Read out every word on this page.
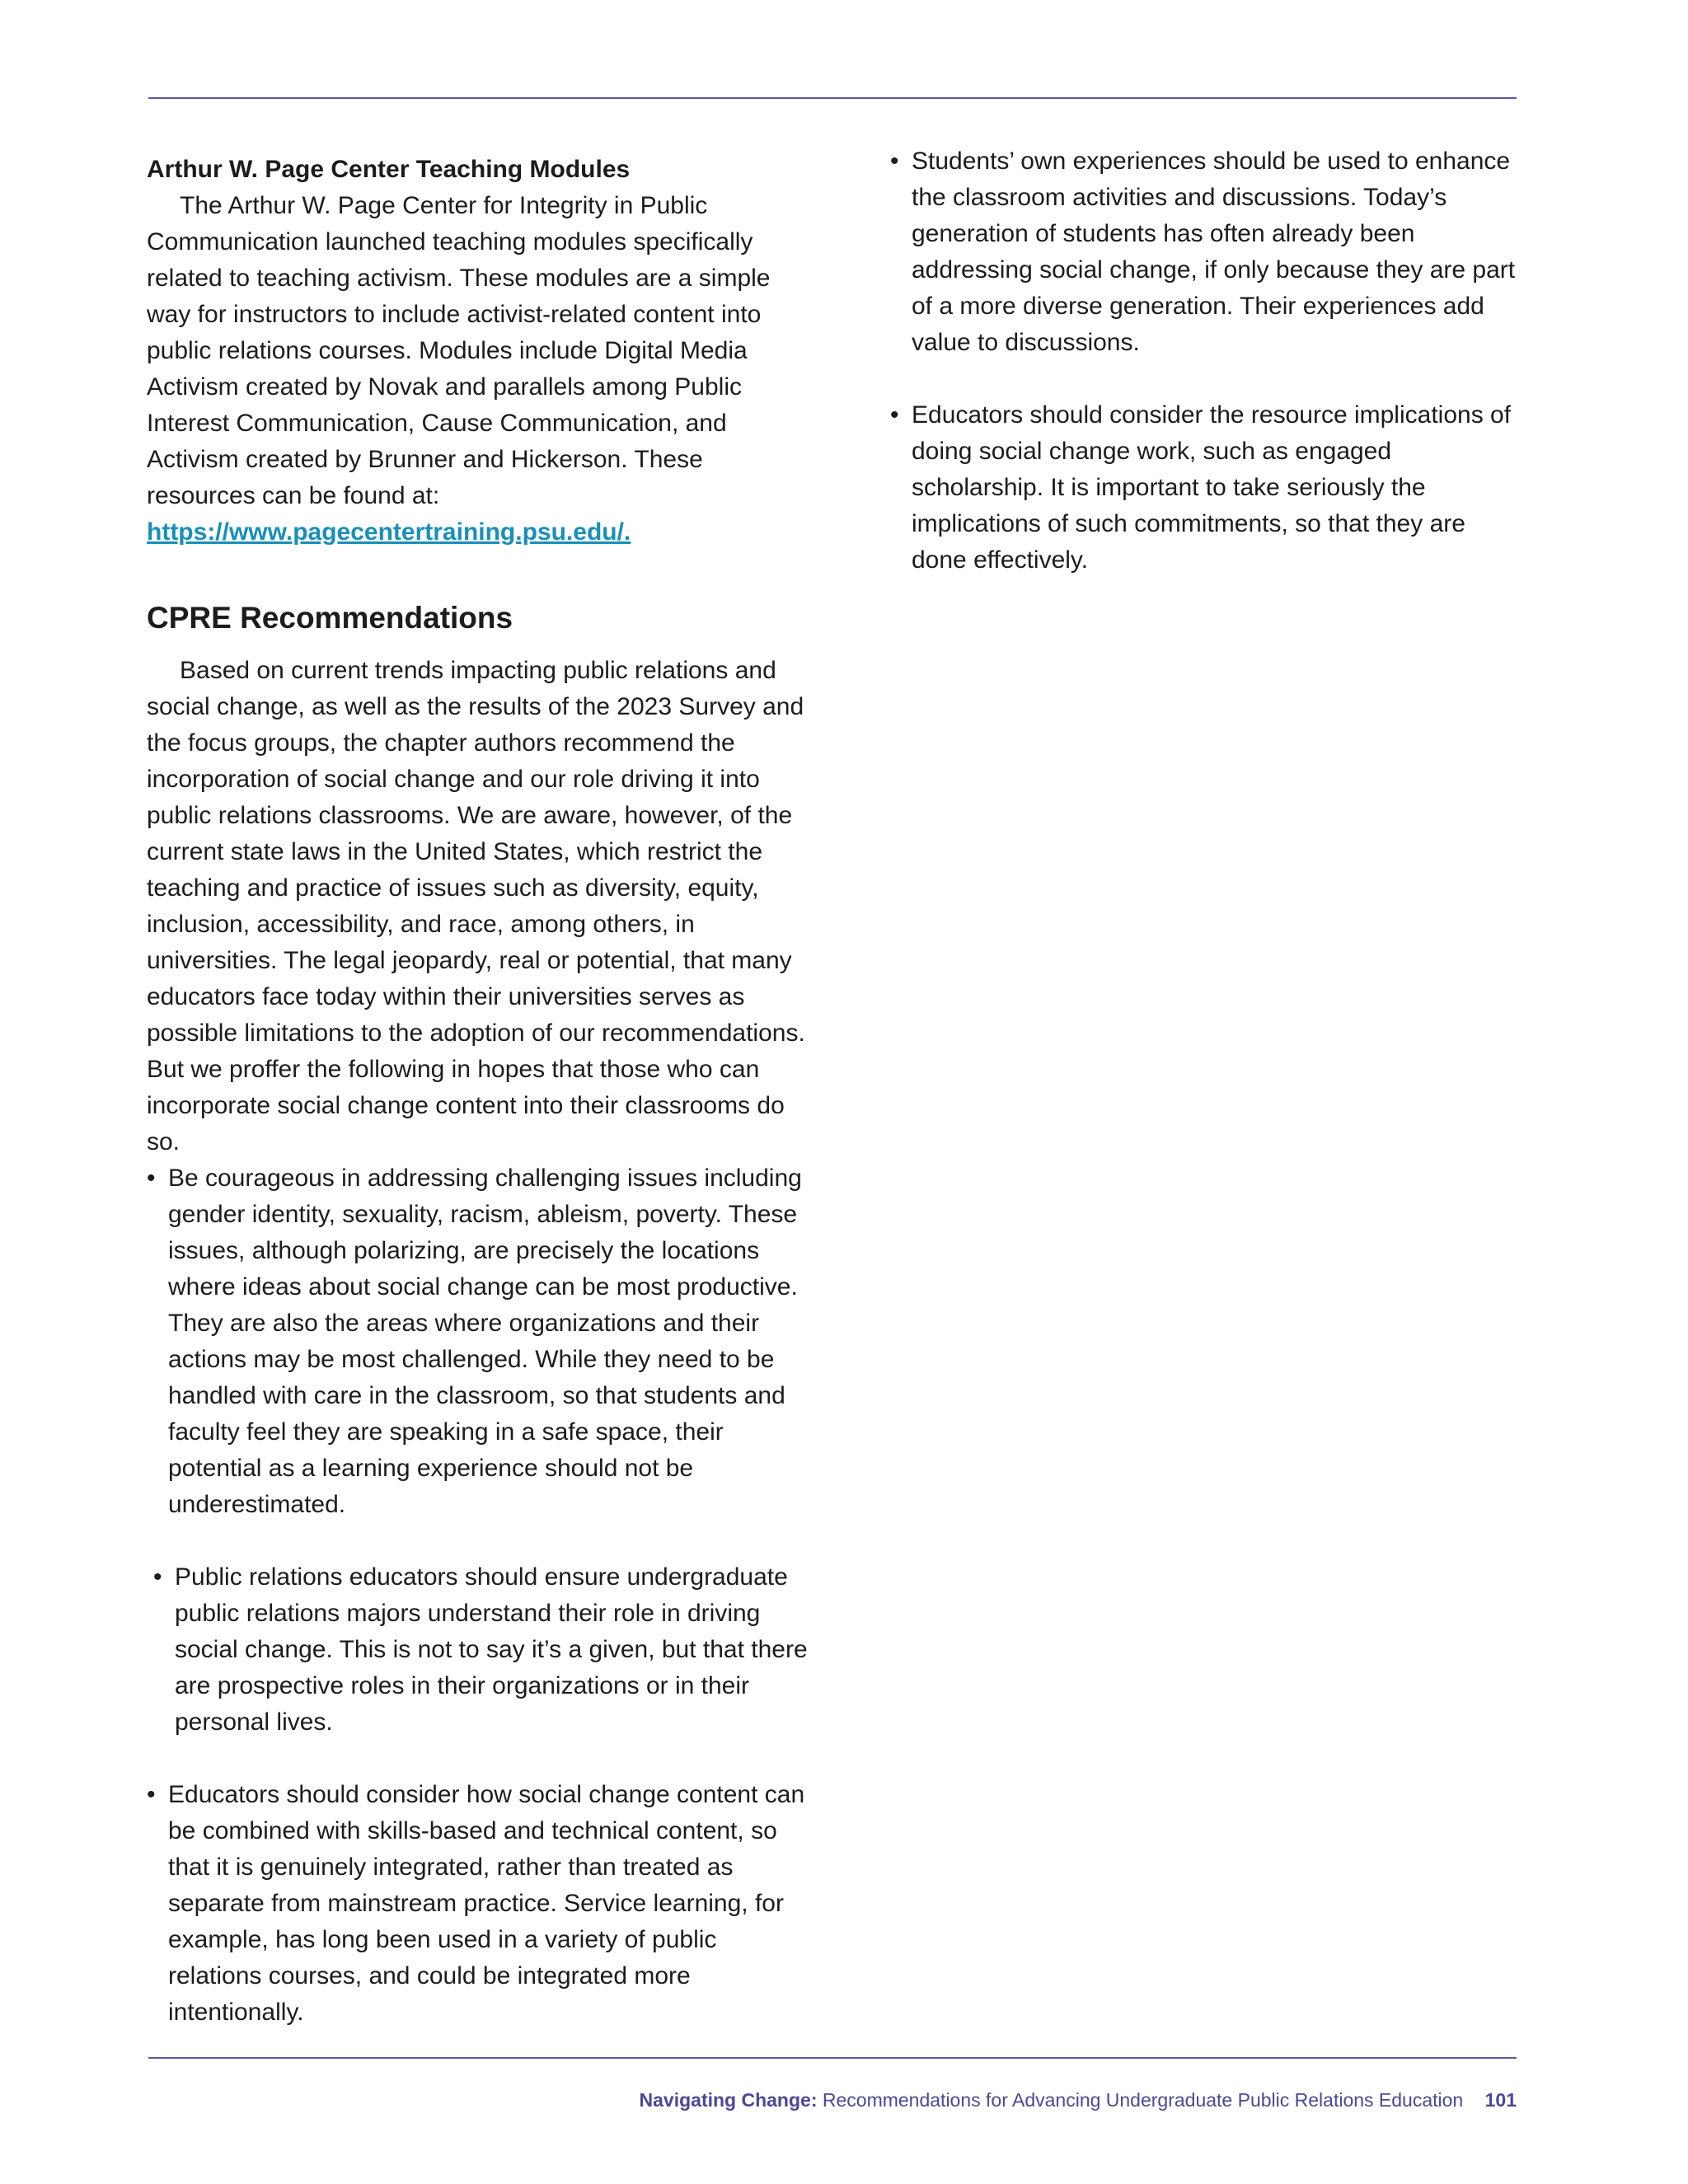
Arthur W. Page Center Teaching Modules

The Arthur W. Page Center for Integrity in Public Communication launched teaching modules specifically related to teaching activism. These modules are a simple way for instructors to include activist-related content into public relations courses. Modules include Digital Media Activism created by Novak and parallels among Public Interest Communication, Cause Communication, and Activism created by Brunner and Hickerson. These resources can be found at: https://www.pagecentertraining.psu.edu/.

CPRE Recommendations

Based on current trends impacting public relations and social change, as well as the results of the 2023 Survey and the focus groups, the chapter authors recommend the incorporation of social change and our role driving it into public relations classrooms. We are aware, however, of the current state laws in the United States, which restrict the teaching and practice of issues such as diversity, equity, inclusion, accessibility, and race, among others, in universities. The legal jeopardy, real or potential, that many educators face today within their universities serves as possible limitations to the adoption of our recommendations. But we proffer the following in hopes that those who can incorporate social change content into their classrooms do so.

• Be courageous in addressing challenging issues including gender identity, sexuality, racism, ableism, poverty. These issues, although polarizing, are precisely the locations where ideas about social change can be most productive. They are also the areas where organizations and their actions may be most challenged. While they need to be handled with care in the classroom, so that students and faculty feel they are speaking in a safe space, their potential as a learning experience should not be underestimated.
• Public relations educators should ensure undergraduate public relations majors understand their role in driving social change. This is not to say it’s a given, but that there are prospective roles in their organizations or in their personal lives.
• Educators should consider how social change content can be combined with skills-based and technical content, so that it is genuinely integrated, rather than treated as separate from mainstream practice. Service learning, for example, has long been used in a variety of public relations courses, and could be integrated more intentionally.
• Students’ own experiences should be used to enhance the classroom activities and discussions. Today’s generation of students has often already been addressing social change, if only because they are part of a more diverse generation. Their experiences add value to discussions.
• Educators should consider the resource implications of doing social change work, such as engaged scholarship. It is important to take seriously the implications of such commitments, so that they are done effectively.
Navigating Change: Recommendations for Advancing Undergraduate Public Relations Education 101
